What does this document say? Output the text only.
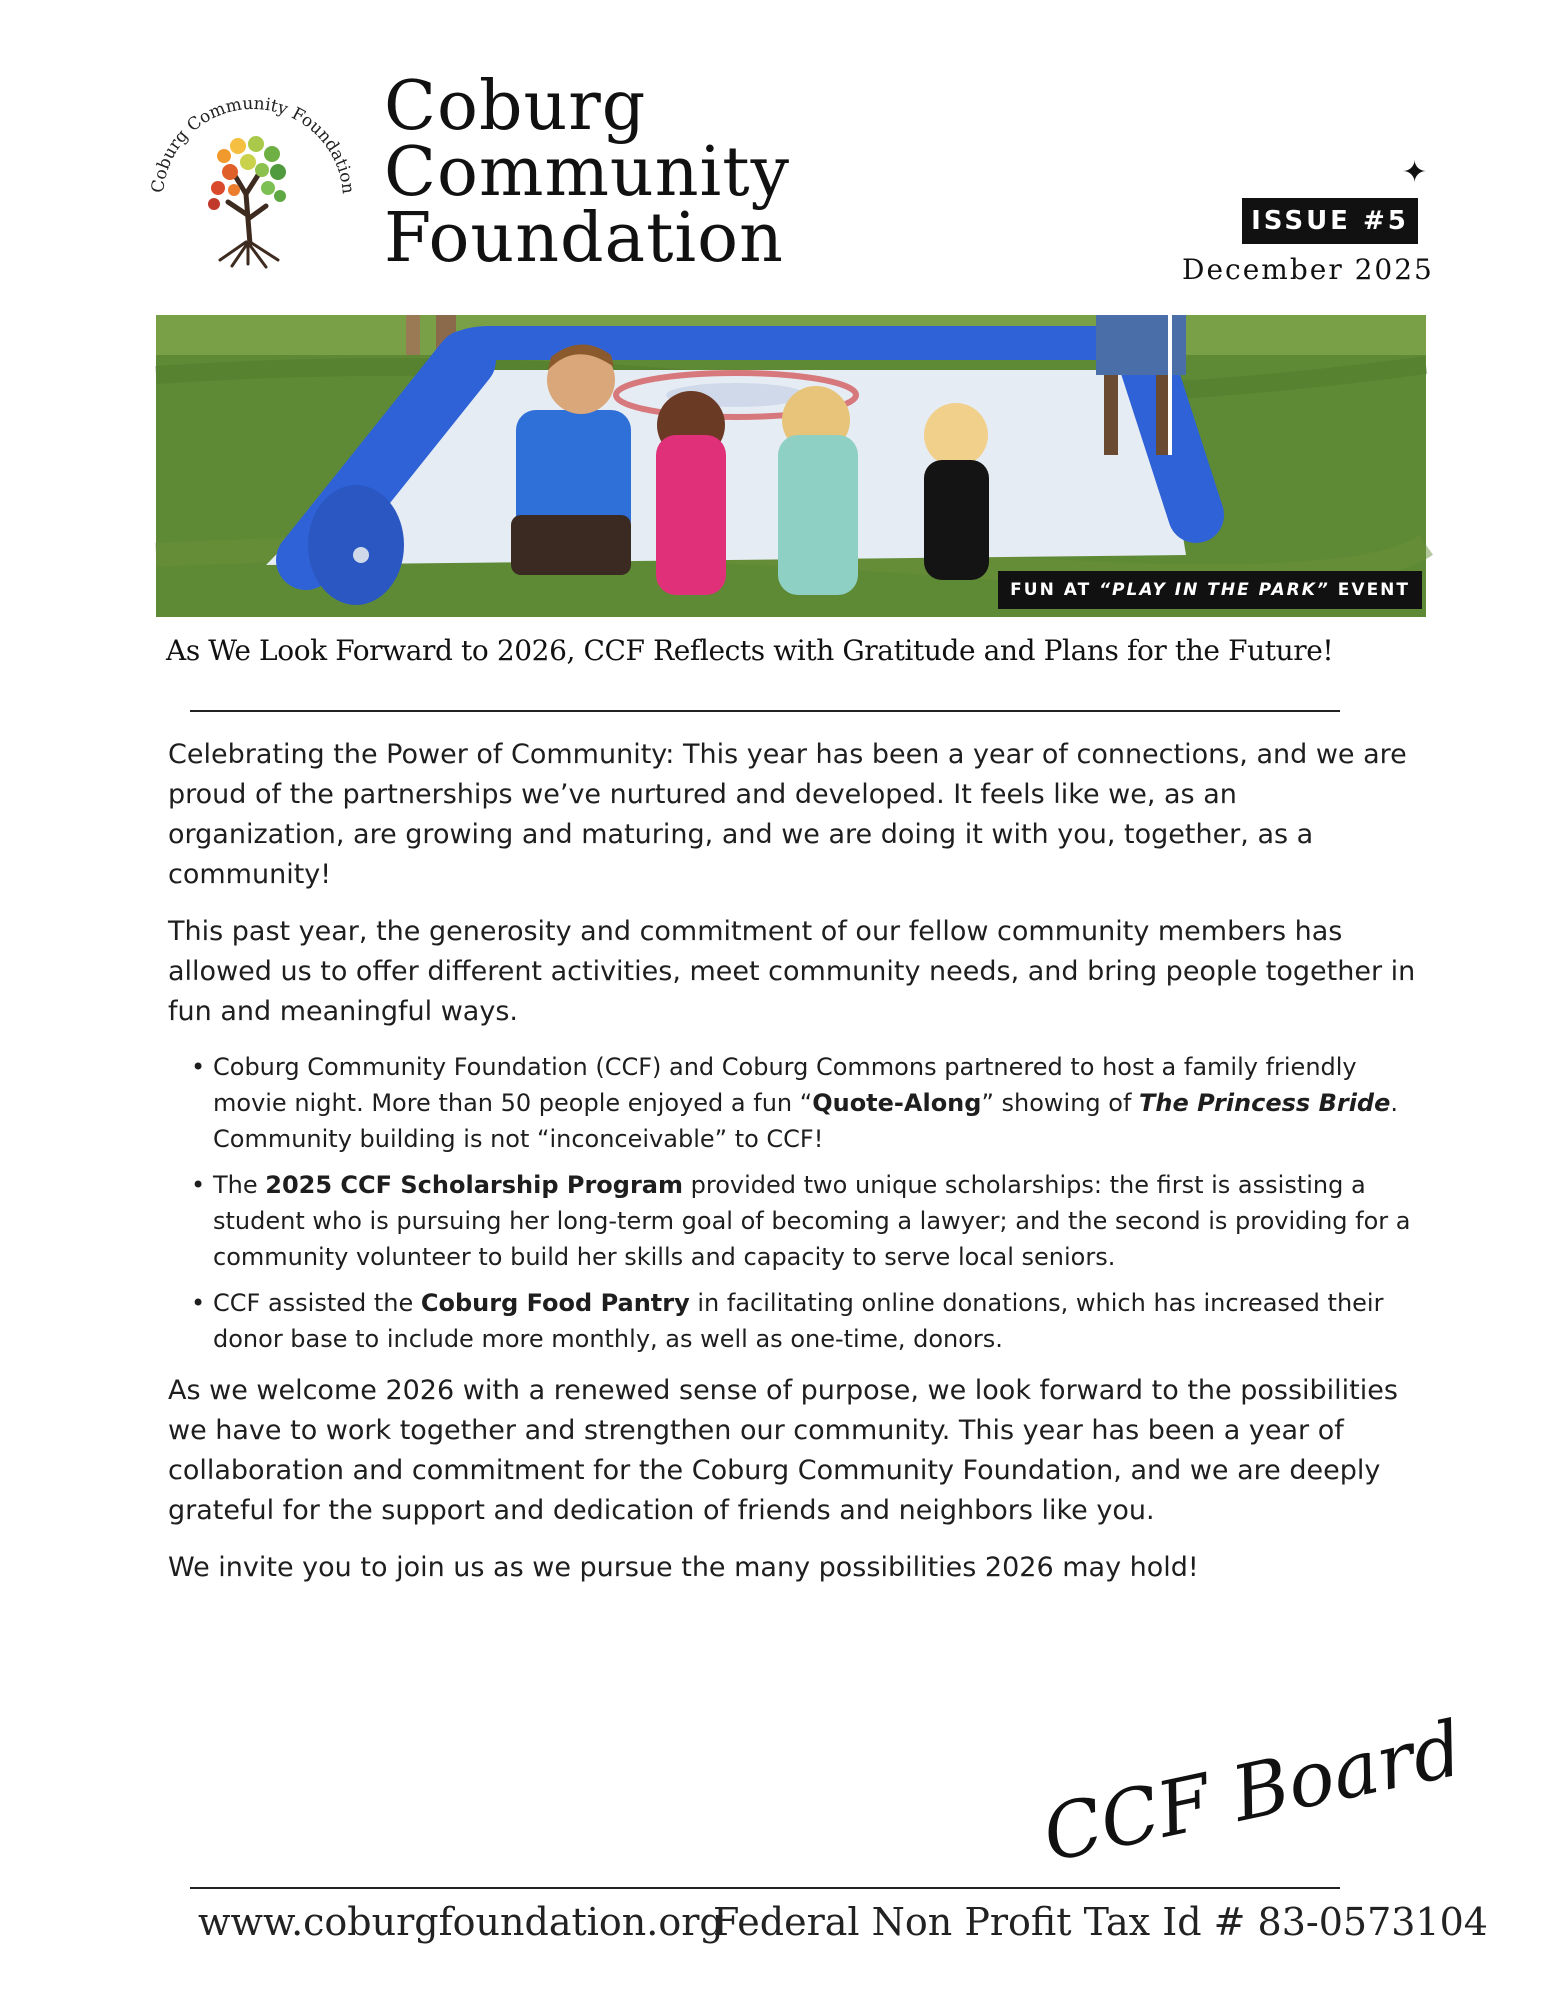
Coburg Community Foundation
Coburg
Community
Foundation
✦
ISSUE #5
December 2025
FUN AT “PLAY IN THE PARK” EVENT
As We Look Forward to 2026, CCF Reflects with Gratitude and Plans for the Future!

Celebrating the Power of Community: This year has been a year of connections, and we are proud of the partnerships we’ve nurtured and developed. It feels like we, as an organization, are growing and maturing, and we are doing it with you, together, as a community!

This past year, the generosity and commitment of our fellow community members has allowed us to offer different activities, meet community needs, and bring people together in fun and meaningful ways.

• Coburg Community Foundation (CCF) and Coburg Commons partnered to host a family friendly movie night. More than 50 people enjoyed a fun “Quote-Along” showing of The Princess Bride. Community building is not “inconceivable” to CCF!
• The 2025 CCF Scholarship Program provided two unique scholarships: the first is assisting a student who is pursuing her long-term goal of becoming a lawyer; and the second is providing for a community volunteer to build her skills and capacity to serve local seniors.
• CCF assisted the Coburg Food Pantry in facilitating online donations, which has increased their donor base to include more monthly, as well as one-time, donors.

As we welcome 2026 with a renewed sense of purpose, we look forward to the possibilities we have to work together and strengthen our community. This year has been a year of collaboration and commitment for the Coburg Community Foundation, and we are deeply grateful for the support and dedication of friends and neighbors like you.

We invite you to join us as we pursue the many possibilities 2026 may hold!

CCF Board
www.coburgfoundation.org
Federal Non Profit Tax Id # 83-0573104
